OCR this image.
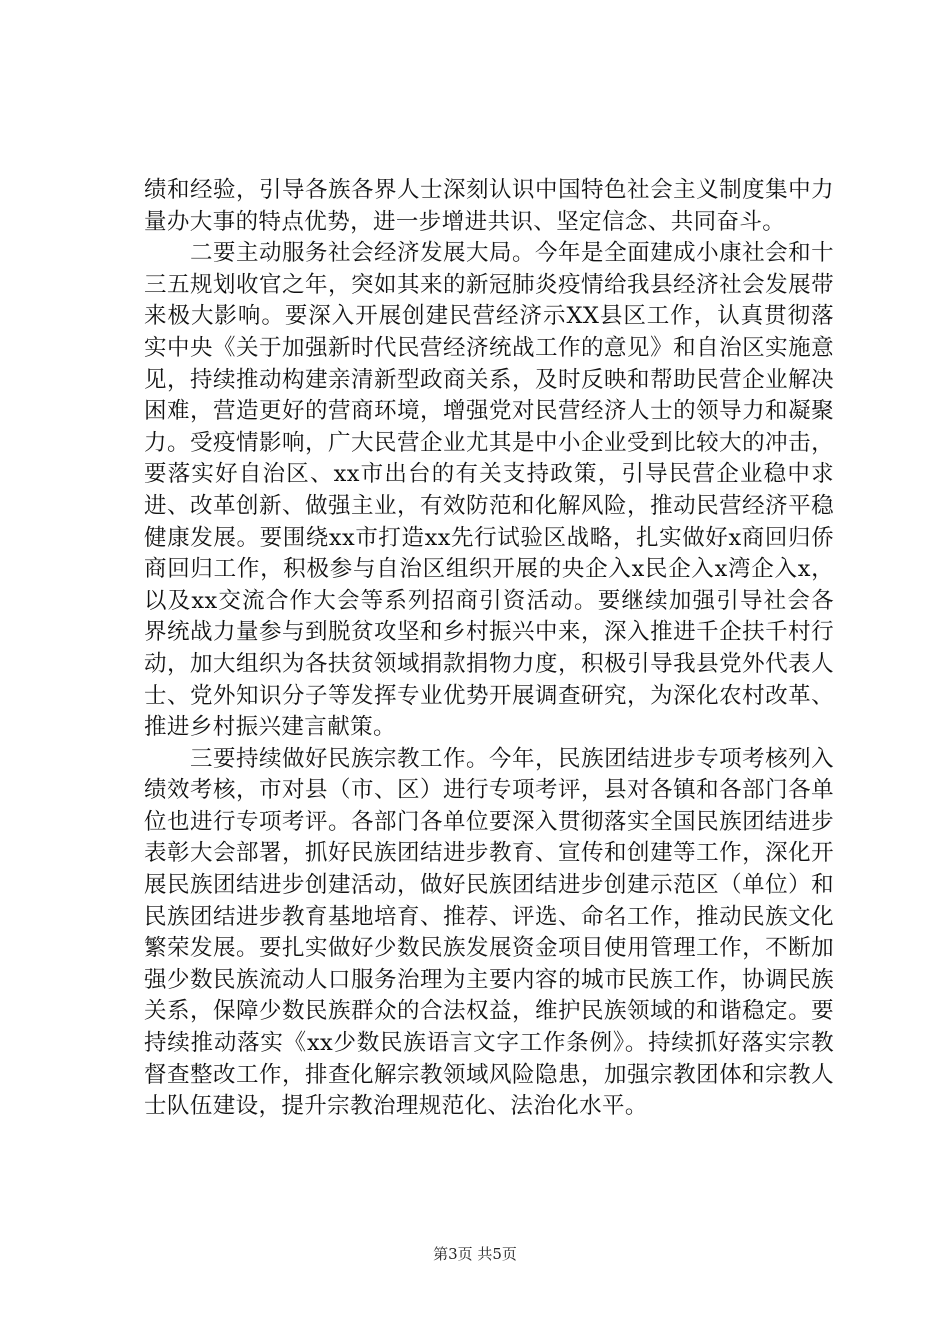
绩和经验，引导各族各界人士深刻认识中国特色社会主义制度集中力量办大事的特点优势，进一步增进共识、坚定信念、共同奋斗。

二要主动服务社会经济发展大局。今年是全面建成小康社会和十三五规划收官之年，突如其来的新冠肺炎疫情给我县经济社会发展带来极大影响。要深入开展创建民营经济示XX县区工作，认真贯彻落实中央《关于加强新时代民营经济统战工作的意见》和自治区实施意见，持续推动构建亲清新型政商关系，及时反映和帮助民营企业解决困难，营造更好的营商环境，增强党对民营经济人士的领导力和凝聚力。受疫情影响，广大民营企业尤其是中小企业受到比较大的冲击，要落实好自治区、xx市出台的有关支持政策，引导民营企业稳中求进、改革创新、做强主业，有效防范和化解风险，推动民营经济平稳健康发展。要围绕xx市打造xx先行试验区战略，扎实做好x商回归侨商回归工作，积极参与自治区组织开展的央企入x民企入x湾企入x，以及xx交流合作大会等系列招商引资活动。要继续加强引导社会各界统战力量参与到脱贫攻坚和乡村振兴中来，深入推进千企扶千村行动，加大组织为各扶贫领域捐款捐物力度，积极引导我县党外代表人士、党外知识分子等发挥专业优势开展调查研究，为深化农村改革、推进乡村振兴建言献策。

三要持续做好民族宗教工作。今年，民族团结进步专项考核列入绩效考核，市对县（市、区）进行专项考评，县对各镇和各部门各单位也进行专项考评。各部门各单位要深入贯彻落实全国民族团结进步表彰大会部署，抓好民族团结进步教育、宣传和创建等工作，深化开展民族团结进步创建活动，做好民族团结进步创建示范区（单位）和民族团结进步教育基地培育、推荐、评选、命名工作，推动民族文化繁荣发展。要扎实做好少数民族发展资金项目使用管理工作，不断加强少数民族流动人口服务治理为主要内容的城市民族工作，协调民族关系，保障少数民族群众的合法权益，维护民族领域的和谐稳定。要持续推动落实《xx少数民族语言文字工作条例》。持续抓好落实宗教督查整改工作，排查化解宗教领域风险隐患，加强宗教团体和宗教人士队伍建设，提升宗教治理规范化、法治化水平。

第3页 共5页
